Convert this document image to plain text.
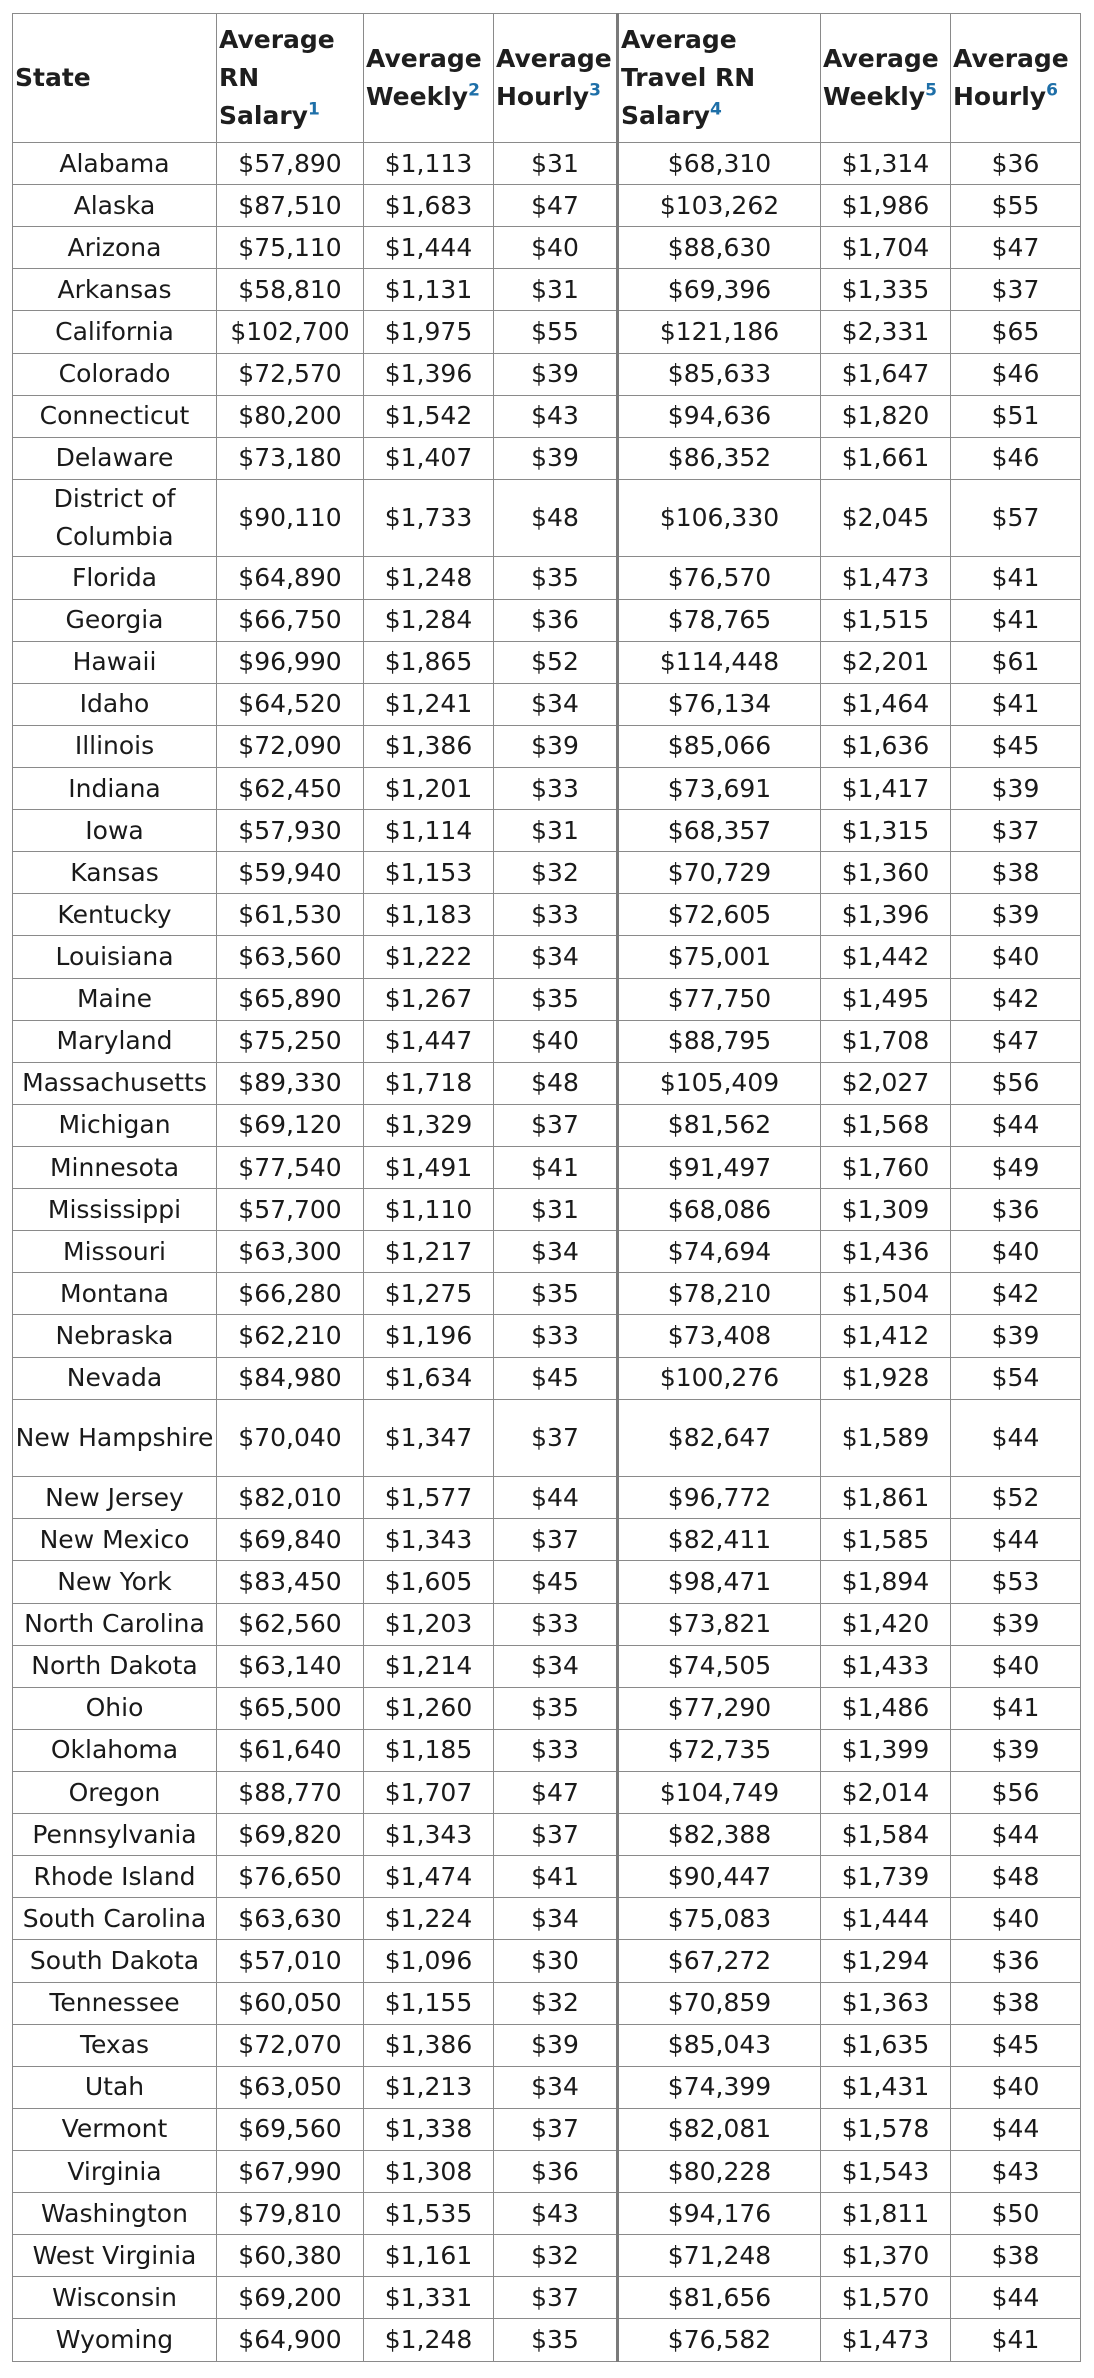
State	Average RN Salary$^1$	Average Weekly$^2$	Average Hourly$^3$	Average Travel RN Salary$^4$	Average Weekly$^5$	Average Hourly$^6$
Alabama	$57,890	$1,113	$31	$68,310	$1,314	$36
Alaska	$87,510	$1,683	$47	$103,262	$1,986	$55
Arizona	$75,110	$1,444	$40	$88,630	$1,704	$47
Arkansas	$58,810	$1,131	$31	$69,396	$1,335	$37
California	$102,700	$1,975	$55	$121,186	$2,331	$65
Colorado	$72,570	$1,396	$39	$85,633	$1,647	$46
Connecticut	$80,200	$1,542	$43	$94,636	$1,820	$51
Delaware	$73,180	$1,407	$39	$86,352	$1,661	$46
District of Columbia	$90,110	$1,733	$48	$106,330	$2,045	$57
Florida	$64,890	$1,248	$35	$76,570	$1,473	$41
Georgia	$66,750	$1,284	$36	$78,765	$1,515	$41
Hawaii	$96,990	$1,865	$52	$114,448	$2,201	$61
Idaho	$64,520	$1,241	$34	$76,134	$1,464	$41
Illinois	$72,090	$1,386	$39	$85,066	$1,636	$45
Indiana	$62,450	$1,201	$33	$73,691	$1,417	$39
Iowa	$57,930	$1,114	$31	$68,357	$1,315	$37
Kansas	$59,940	$1,153	$32	$70,729	$1,360	$38
Kentucky	$61,530	$1,183	$33	$72,605	$1,396	$39
Louisiana	$63,560	$1,222	$34	$75,001	$1,442	$40
Maine	$65,890	$1,267	$35	$77,750	$1,495	$42
Maryland	$75,250	$1,447	$40	$88,795	$1,708	$47
Massachusetts	$89,330	$1,718	$48	$105,409	$2,027	$56
Michigan	$69,120	$1,329	$37	$81,562	$1,568	$44
Minnesota	$77,540	$1,491	$41	$91,497	$1,760	$49
Mississippi	$57,700	$1,110	$31	$68,086	$1,309	$36
Missouri	$63,300	$1,217	$34	$74,694	$1,436	$40
Montana	$66,280	$1,275	$35	$78,210	$1,504	$42
Nebraska	$62,210	$1,196	$33	$73,408	$1,412	$39
Nevada	$84,980	$1,634	$45	$100,276	$1,928	$54
New Hampshire	$70,040	$1,347	$37	$82,647	$1,589	$44
New Jersey	$82,010	$1,577	$44	$96,772	$1,861	$52
New Mexico	$69,840	$1,343	$37	$82,411	$1,585	$44
New York	$83,450	$1,605	$45	$98,471	$1,894	$53
North Carolina	$62,560	$1,203	$33	$73,821	$1,420	$39
North Dakota	$63,140	$1,214	$34	$74,505	$1,433	$40
Ohio	$65,500	$1,260	$35	$77,290	$1,486	$41
Oklahoma	$61,640	$1,185	$33	$72,735	$1,399	$39
Oregon	$88,770	$1,707	$47	$104,749	$2,014	$56
Pennsylvania	$69,820	$1,343	$37	$82,388	$1,584	$44
Rhode Island	$76,650	$1,474	$41	$90,447	$1,739	$48
South Carolina	$63,630	$1,224	$34	$75,083	$1,444	$40
South Dakota	$57,010	$1,096	$30	$67,272	$1,294	$36
Tennessee	$60,050	$1,155	$32	$70,859	$1,363	$38
Texas	$72,070	$1,386	$39	$85,043	$1,635	$45
Utah	$63,050	$1,213	$34	$74,399	$1,431	$40
Vermont	$69,560	$1,338	$37	$82,081	$1,578	$44
Virginia	$67,990	$1,308	$36	$80,228	$1,543	$43
Washington	$79,810	$1,535	$43	$94,176	$1,811	$50
West Virginia	$60,380	$1,161	$32	$71,248	$1,370	$38
Wisconsin	$69,200	$1,331	$37	$81,656	$1,570	$44
Wyoming	$64,900	$1,248	$35	$76,582	$1,473	$41
